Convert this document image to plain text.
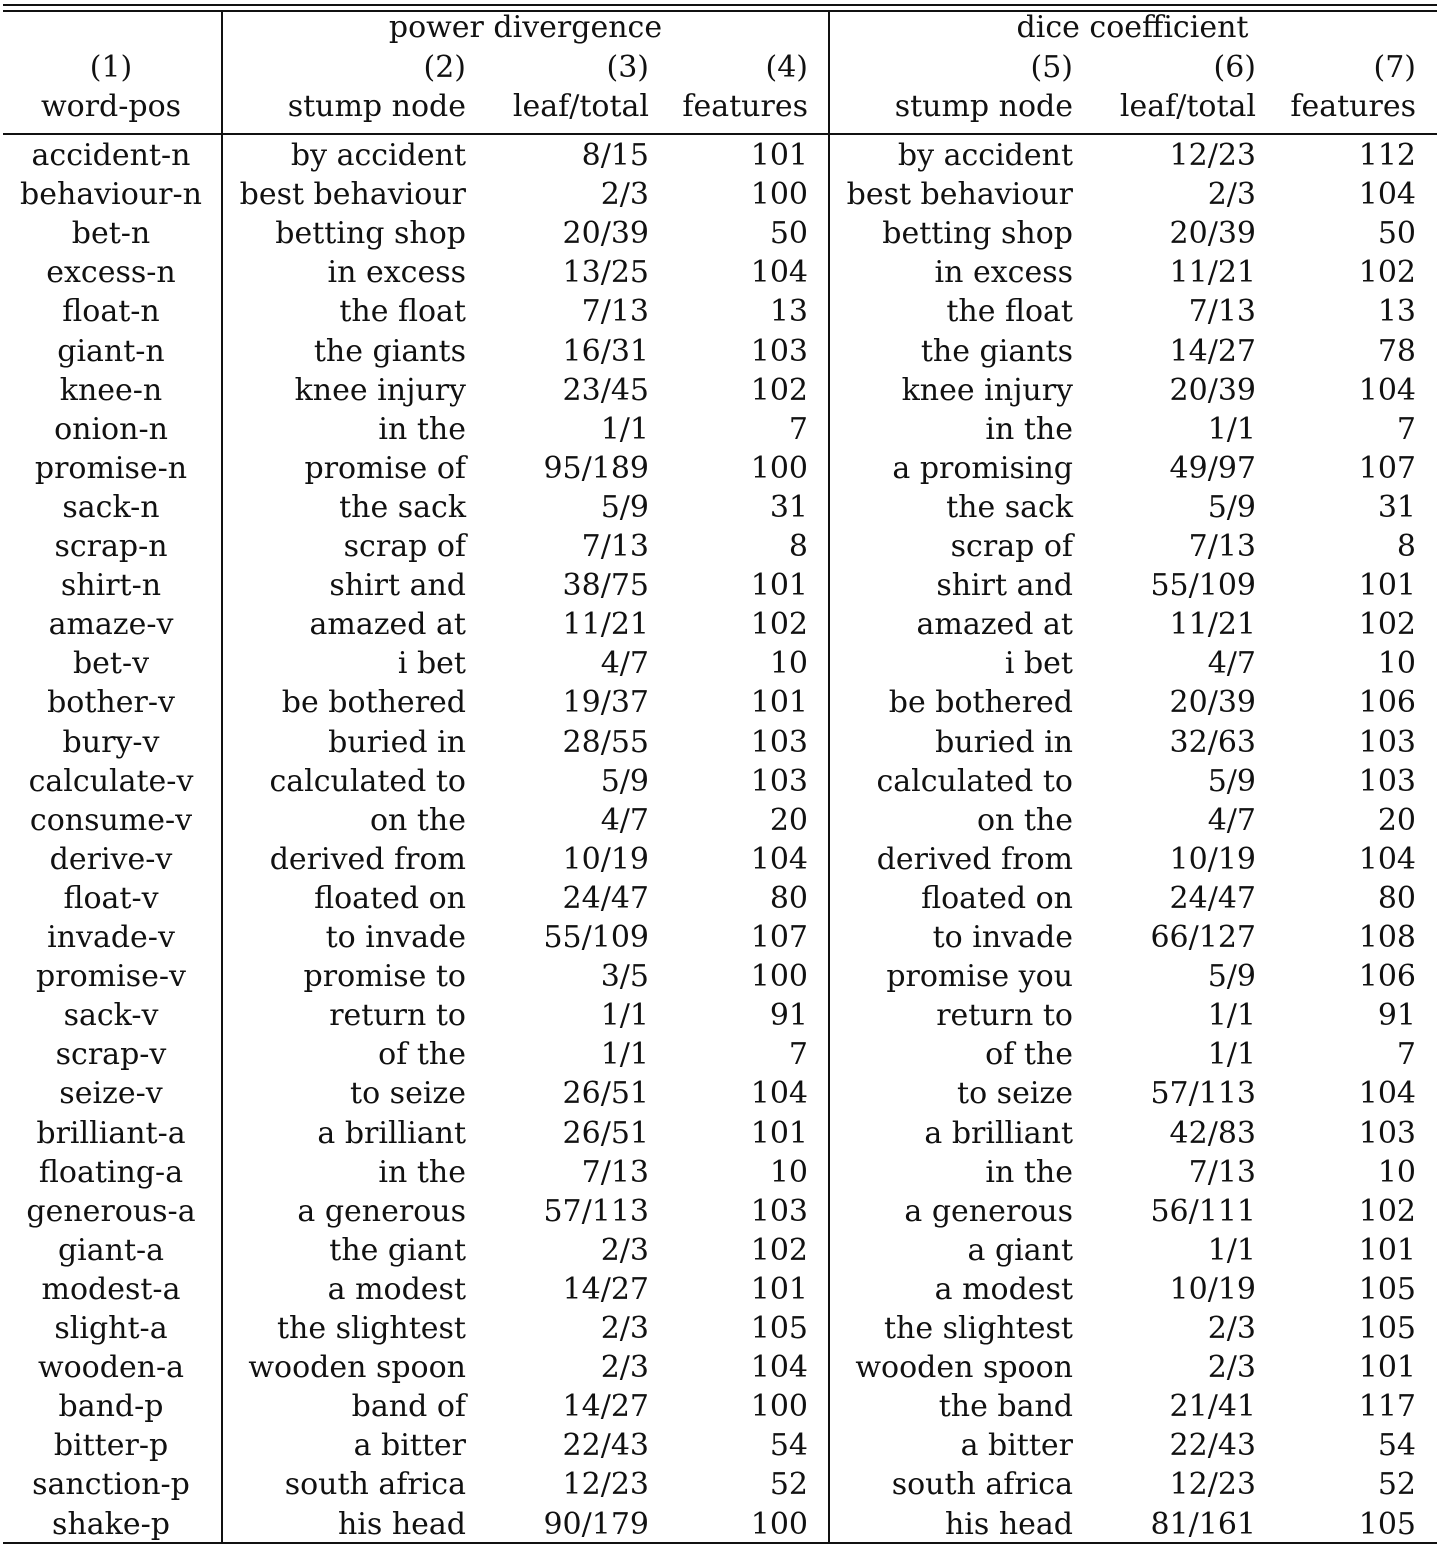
power divergence	dice coefficient
(1)	(2)	(3)	(4)	(5)	(6)	(7)
word-pos	stump node	leaf/total	features	stump node	leaf/total	features
accident-n	by accident	8/15	101	by accident	12/23	112
behaviour-n	best behaviour	2/3	100	best behaviour	2/3	104
bet-n	betting shop	20/39	50	betting shop	20/39	50
excess-n	in excess	13/25	104	in excess	11/21	102
float-n	the float	7/13	13	the float	7/13	13
giant-n	the giants	16/31	103	the giants	14/27	78
knee-n	knee injury	23/45	102	knee injury	20/39	104
onion-n	in the	1/1	7	in the	1/1	7
promise-n	promise of	95/189	100	a promising	49/97	107
sack-n	the sack	5/9	31	the sack	5/9	31
scrap-n	scrap of	7/13	8	scrap of	7/13	8
shirt-n	shirt and	38/75	101	shirt and	55/109	101
amaze-v	amazed at	11/21	102	amazed at	11/21	102
bet-v	i bet	4/7	10	i bet	4/7	10
bother-v	be bothered	19/37	101	be bothered	20/39	106
bury-v	buried in	28/55	103	buried in	32/63	103
calculate-v	calculated to	5/9	103	calculated to	5/9	103
consume-v	on the	4/7	20	on the	4/7	20
derive-v	derived from	10/19	104	derived from	10/19	104
float-v	floated on	24/47	80	floated on	24/47	80
invade-v	to invade	55/109	107	to invade	66/127	108
promise-v	promise to	3/5	100	promise you	5/9	106
sack-v	return to	1/1	91	return to	1/1	91
scrap-v	of the	1/1	7	of the	1/1	7
seize-v	to seize	26/51	104	to seize	57/113	104
brilliant-a	a brilliant	26/51	101	a brilliant	42/83	103
floating-a	in the	7/13	10	in the	7/13	10
generous-a	a generous	57/113	103	a generous	56/111	102
giant-a	the giant	2/3	102	a giant	1/1	101
modest-a	a modest	14/27	101	a modest	10/19	105
slight-a	the slightest	2/3	105	the slightest	2/3	105
wooden-a	wooden spoon	2/3	104	wooden spoon	2/3	101
band-p	band of	14/27	100	the band	21/41	117
bitter-p	a bitter	22/43	54	a bitter	22/43	54
sanction-p	south africa	12/23	52	south africa	12/23	52
shake-p	his head	90/179	100	his head	81/161	105
